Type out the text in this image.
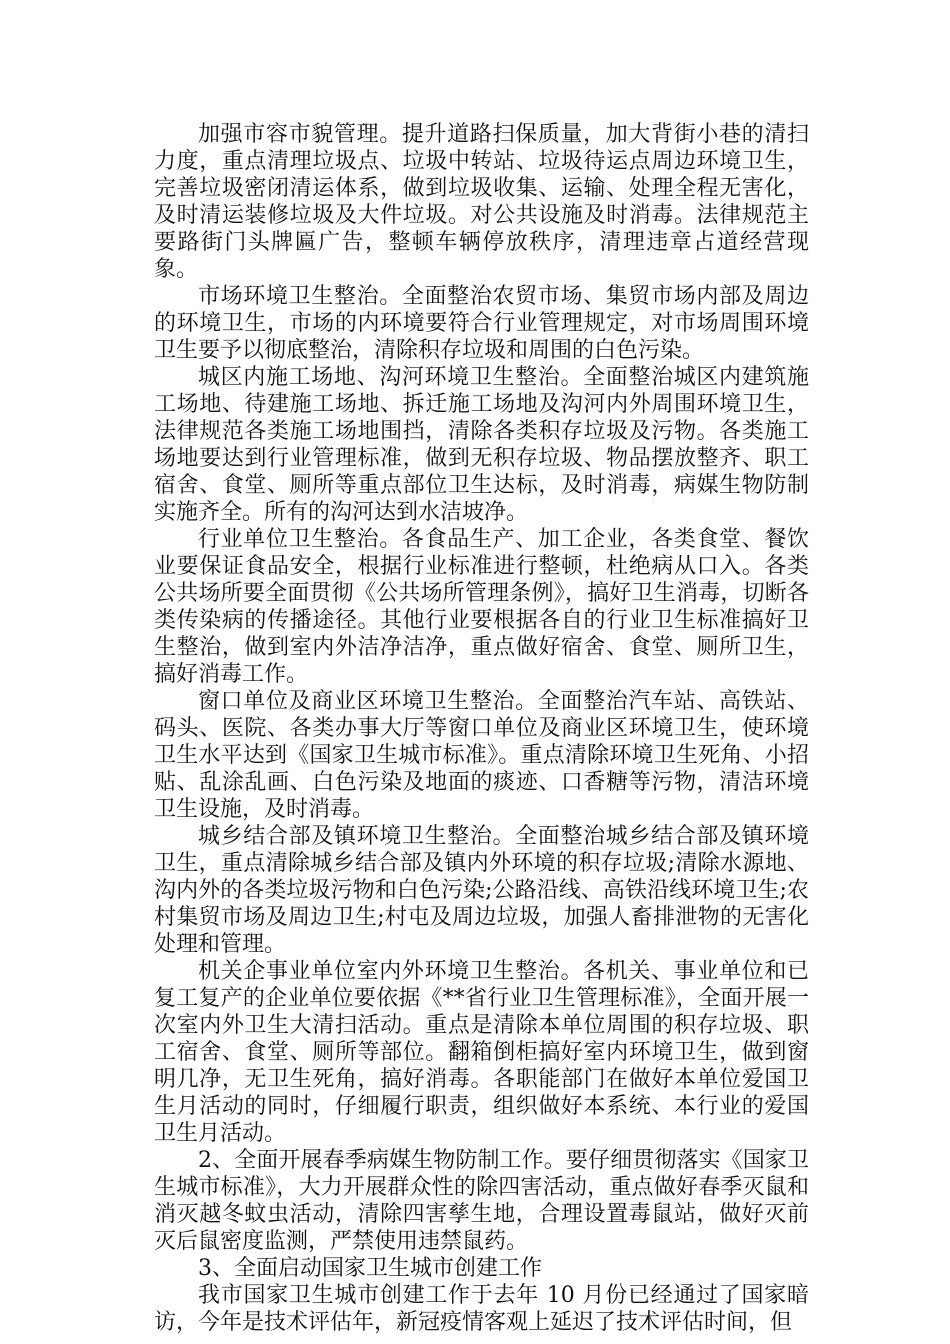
加强市容市貌管理。提升道路扫保质量，加大背街小巷的清扫力度，重点清理垃圾点、垃圾中转站、垃圾待运点周边环境卫生，完善垃圾密闭清运体系，做到垃圾收集、运输、处理全程无害化，及时清运装修垃圾及大件垃圾。对公共设施及时消毒。法律规范主要路街门头牌匾广告，整顿车辆停放秩序，清理违章占道经营现象。

市场环境卫生整治。全面整治农贸市场、集贸市场内部及周边的环境卫生，市场的内环境要符合行业管理规定，对市场周围环境卫生要予以彻底整治，清除积存垃圾和周围的白色污染。

城区内施工场地、沟河环境卫生整治。全面整治城区内建筑施工场地、待建施工场地、拆迁施工场地及沟河内外周围环境卫生，法律规范各类施工场地围挡，清除各类积存垃圾及污物。各类施工场地要达到行业管理标准，做到无积存垃圾、物品摆放整齐、职工宿舍、食堂、厕所等重点部位卫生达标，及时消毒，病媒生物防制实施齐全。所有的沟河达到水洁坡净。

行业单位卫生整治。各食品生产、加工企业，各类食堂、餐饮业要保证食品安全，根据行业标准进行整顿，杜绝病从口入。各类公共场所要全面贯彻《公共场所管理条例》，搞好卫生消毒，切断各类传染病的传播途径。其他行业要根据各自的行业卫生标准搞好卫生整治，做到室内外洁净洁净，重点做好宿舍、食堂、厕所卫生，搞好消毒工作。

窗口单位及商业区环境卫生整治。全面整治汽车站、高铁站、码头、医院、各类办事大厅等窗口单位及商业区环境卫生，使环境卫生水平达到《国家卫生城市标准》。重点清除环境卫生死角、小招贴、乱涂乱画、白色污染及地面的痰迹、口香糖等污物，清洁环境卫生设施，及时消毒。

城乡结合部及镇环境卫生整治。全面整治城乡结合部及镇环境卫生，重点清除城乡结合部及镇内外环境的积存垃圾;清除水源地、沟内外的各类垃圾污物和白色污染;公路沿线、高铁沿线环境卫生;农村集贸市场及周边卫生;村屯及周边垃圾，加强人畜排泄物的无害化处理和管理。

机关企事业单位室内外环境卫生整治。各机关、事业单位和已复工复产的企业单位要依据《**省行业卫生管理标准》，全面开展一次室内外卫生大清扫活动。重点是清除本单位周围的积存垃圾、职工宿舍、食堂、厕所等部位。翻箱倒柜搞好室内环境卫生，做到窗明几净，无卫生死角，搞好消毒。各职能部门在做好本单位爱国卫生月活动的同时，仔细履行职责，组织做好本系统、本行业的爱国卫生月活动。

2、全面开展春季病媒生物防制工作。要仔细贯彻落实《国家卫生城市标准》，大力开展群众性的除四害活动，重点做好春季灭鼠和消灭越冬蚊虫活动，清除四害孳生地，合理设置毒鼠站，做好灭前灭后鼠密度监测，严禁使用违禁鼠药。

3、全面启动国家卫生城市创建工作

我市国家卫生城市创建工作于去年 10 月份已经通过了国家暗访，今年是技术评估年，新冠疫情客观上延迟了技术评估时间，但
